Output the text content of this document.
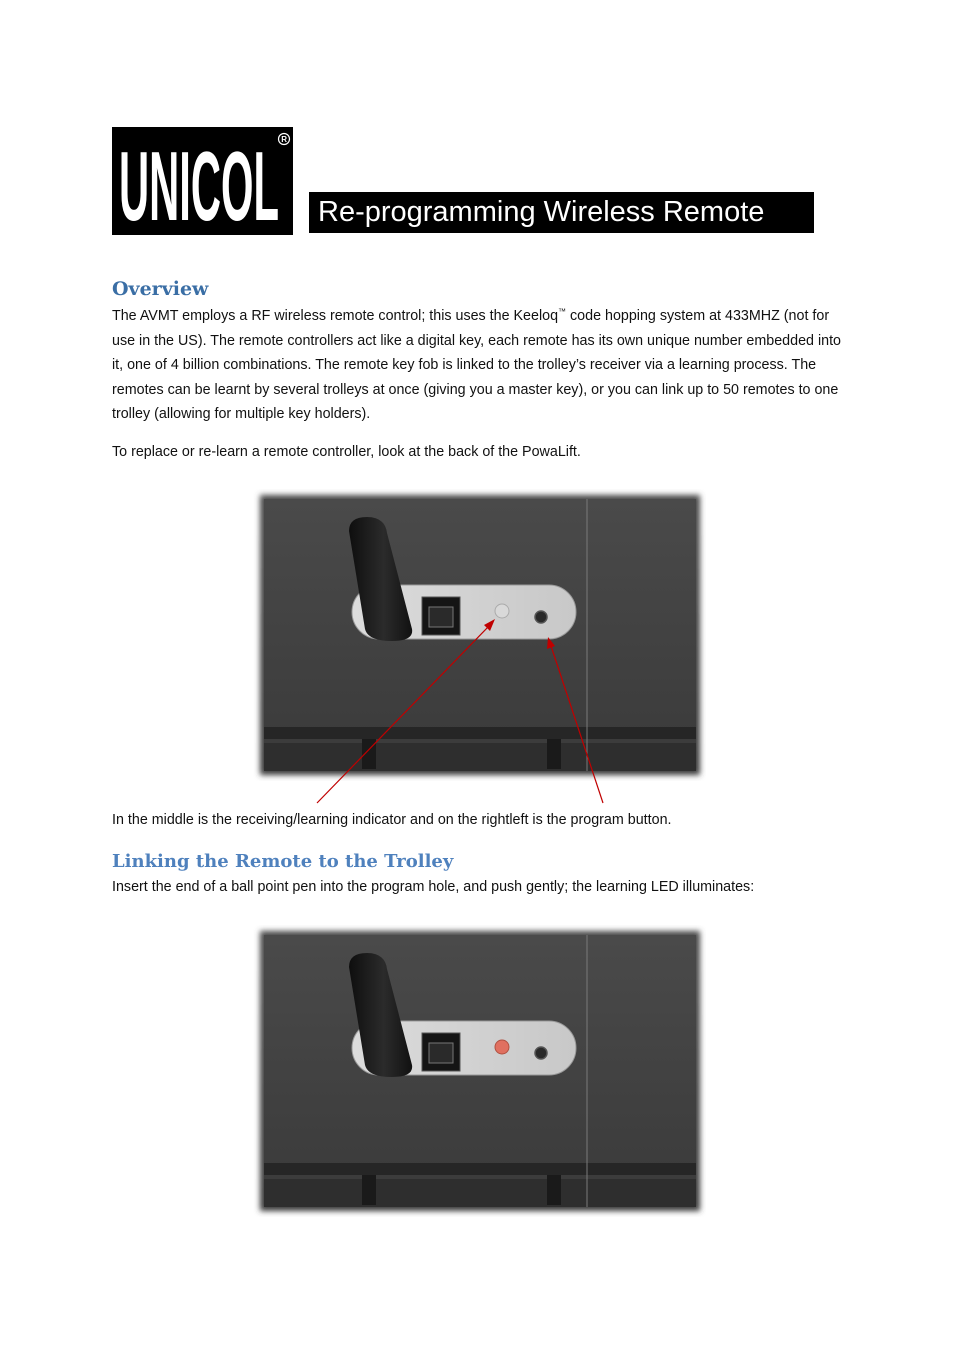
UNICOL R
Re-programming Wireless Remote
Overview

The AVMT employs a RF wireless remote control; this uses the Keeloq™ code hopping system at 433MHZ (not for use in the US). The remote controllers act like a digital key, each remote has its own unique number embedded into it, one of 4 billion combinations. The remote key fob is linked to the trolley’s receiver via a learning process. The remotes can be learnt by several trolleys at once (giving you a master key), or you can link up to 50 remotes to one trolley (allowing for multiple key holders).

To replace or re-learn a remote controller, look at the back of the PowaLift.

In the middle is the receiving/learning indicator and on the rightleft is the program button.

Linking the Remote to the Trolley

Insert the end of a ball point pen into the program hole, and push gently; the learning LED illuminates:
